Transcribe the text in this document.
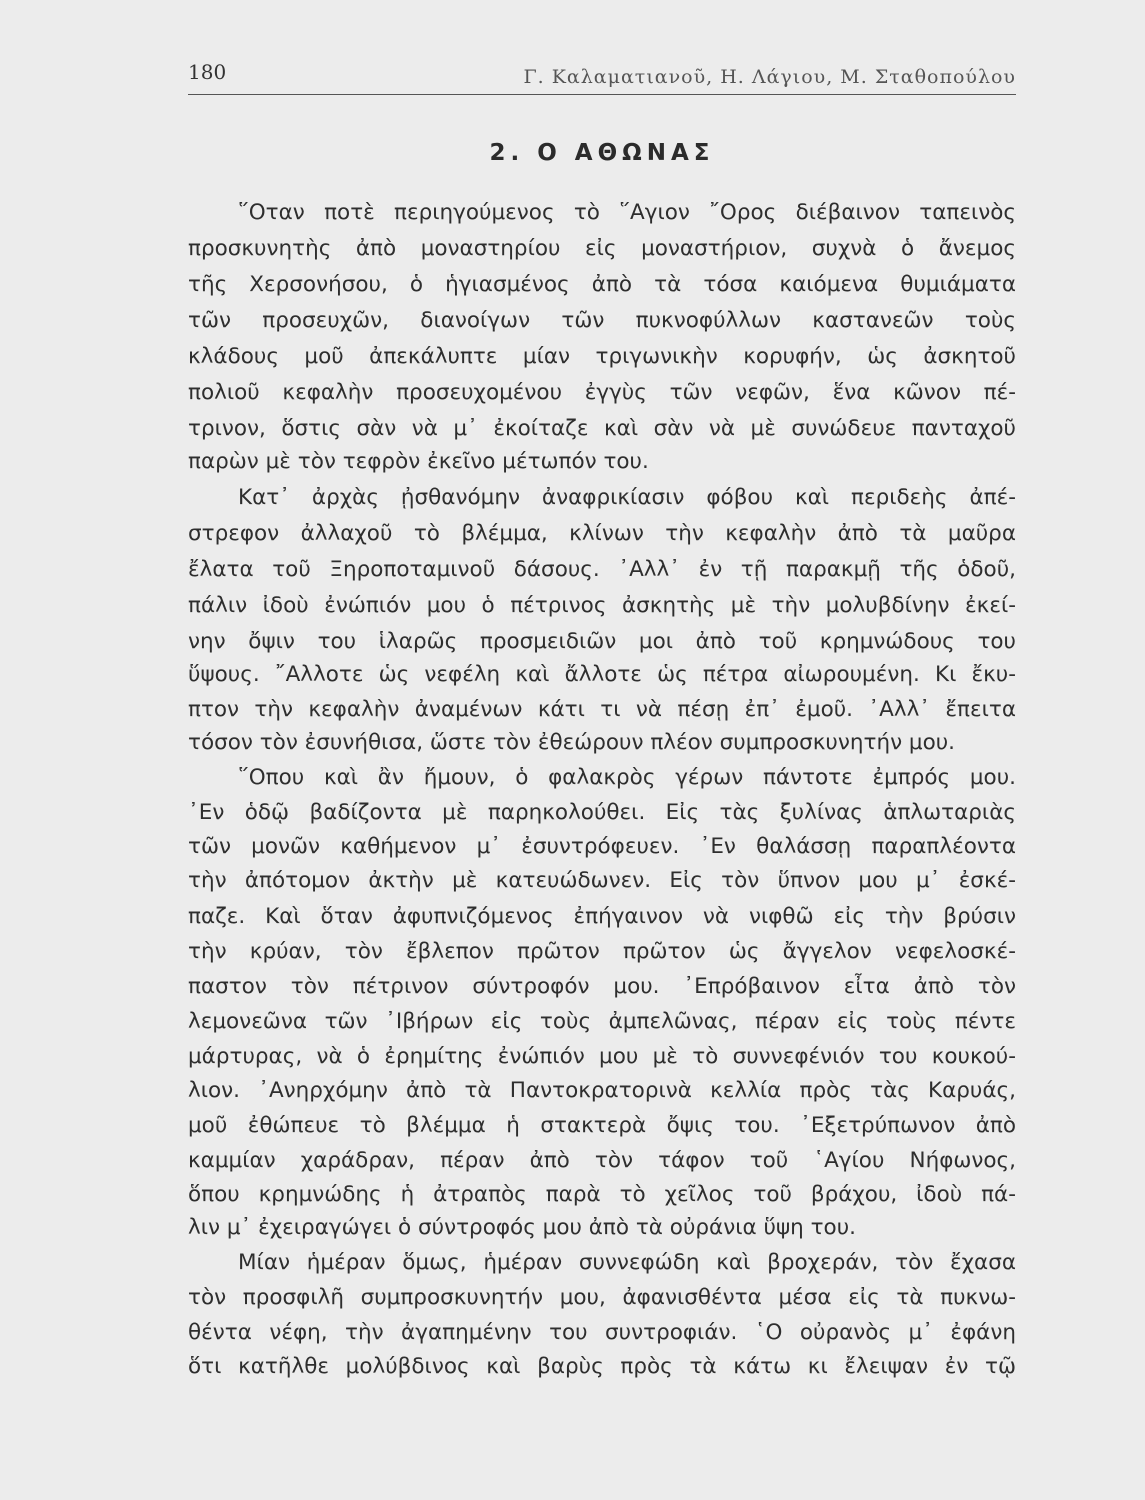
180	Γ. Καλαματιανοῦ, Η. Λάγιου, Μ. Σταθοπούλου
2. Ο ΑΘΩΝΑΣ
῞Οταν ποτὲ περιηγούμενος τὸ ῞Αγιον ῎Ορος διέβαινον ταπεινὸς
προσκυνητὴς ἀπὸ μοναστηρίου εἰς μοναστήριον, συχνὰ ὁ ἄνεμος
τῆς Χερσονήσου, ὁ ἡγιασμένος ἀπὸ τὰ τόσα καιόμενα θυμιάματα
τῶν προσευχῶν, διανοίγων τῶν πυκνοφύλλων καστανεῶν τοὺς
κλάδους μοῦ ἀπεκάλυπτε μίαν τριγωνικὴν κορυφήν, ὡς ἀσκητοῦ
πολιοῦ κεφαλὴν προσευχομένου ἐγγὺς τῶν νεφῶν, ἕνα κῶνον πέ-
τρινον, ὅστις σὰν νὰ μ᾽ ἐκοίταζε καὶ σὰν νὰ μὲ συνώδευε πανταχοῦ
παρὼν μὲ τὸν τεφρὸν ἐκεῖνο μέτωπόν του.
Κατ᾽ ἀρχὰς ᾐσθανόμην ἀναφρικίασιν φόβου καὶ περιδεὴς ἀπέ-
στρεφον ἀλλαχοῦ τὸ βλέμμα, κλίνων τὴν κεφαλὴν ἀπὸ τὰ μαῦρα
ἔλατα τοῦ Ξηροποταμινοῦ δάσους. ᾽Αλλ᾽ ἐν τῇ παρακμῇ τῆς ὁδοῦ,
πάλιν ἰδοὺ ἐνώπιόν μου ὁ πέτρινος ἀσκητὴς μὲ τὴν μολυβδίνην ἐκεί-
νην ὄψιν του ἱλαρῶς προσμειδιῶν μοι ἀπὸ τοῦ κρημνώδους του
ὕψους. ῎Αλλοτε ὡς νεφέλη καὶ ἄλλοτε ὡς πέτρα αἰωρουμένη. Κι ἔκυ-
πτον τὴν κεφαλὴν ἀναμένων κάτι τι νὰ πέσῃ ἐπ᾽ ἐμοῦ. ᾽Αλλ᾽ ἔπειτα
τόσον τὸν ἐσυνήθισα, ὥστε τὸν ἐθεώρουν πλέον συμπροσκυνητήν μου.
῞Οπου καὶ ἂν ἤμουν, ὁ φαλακρὸς γέρων πάντοτε ἐμπρός μου.
᾽Εν ὁδῷ βαδίζοντα μὲ παρηκολούθει. Εἰς τὰς ξυλίνας ἁπλωταριὰς
τῶν μονῶν καθήμενον μ᾽ ἐσυντρόφευεν. ᾽Εν θαλάσσῃ παραπλέοντα
τὴν ἀπότομον ἀκτὴν μὲ κατευώδωνεν. Εἰς τὸν ὕπνον μου μ᾽ ἐσκέ-
παζε. Καὶ ὅταν ἀφυπνιζόμενος ἐπήγαινον νὰ νιφθῶ εἰς τὴν βρύσιν
τὴν κρύαν, τὸν ἔβλεπον πρῶτον πρῶτον ὡς ἄγγελον νεφελοσκέ-
παστον τὸν πέτρινον σύντροφόν μου. ᾽Επρόβαινον εἶτα ἀπὸ τὸν
λεμονεῶνα τῶν ᾽Ιβήρων εἰς τοὺς ἀμπελῶνας, πέραν εἰς τοὺς πέντε
μάρτυρας, νὰ ὁ ἐρημίτης ἐνώπιόν μου μὲ τὸ συννεφένιόν του κουκού-
λιον. ᾽Ανηρχόμην ἀπὸ τὰ Παντοκρατορινὰ κελλία πρὸς τὰς Καρυάς,
μοῦ ἐθώπευε τὸ βλέμμα ἡ στακτερὰ ὄψις του. ᾽Εξετρύπωνον ἀπὸ
καμμίαν χαράδραν, πέραν ἀπὸ τὸν τάφον τοῦ ῾Αγίου Νήφωνος,
ὅπου κρημνώδης ἡ ἀτραπὸς παρὰ τὸ χεῖλος τοῦ βράχου, ἰδοὺ πά-
λιν μ᾽ ἐχειραγώγει ὁ σύντροφός μου ἀπὸ τὰ οὐράνια ὕψη του.
Μίαν ἡμέραν ὅμως, ἡμέραν συννεφώδη καὶ βροχεράν, τὸν ἔχασα
τὸν προσφιλῆ συμπροσκυνητήν μου, ἀφανισθέντα μέσα εἰς τὰ πυκνω-
θέντα νέφη, τὴν ἀγαπημένην του συντροφιάν. ῾Ο οὐρανὸς μ᾽ ἐφάνη
ὅτι κατῆλθε μολύβδινος καὶ βαρὺς πρὸς τὰ κάτω κι ἔλειψαν ἐν τῷ
